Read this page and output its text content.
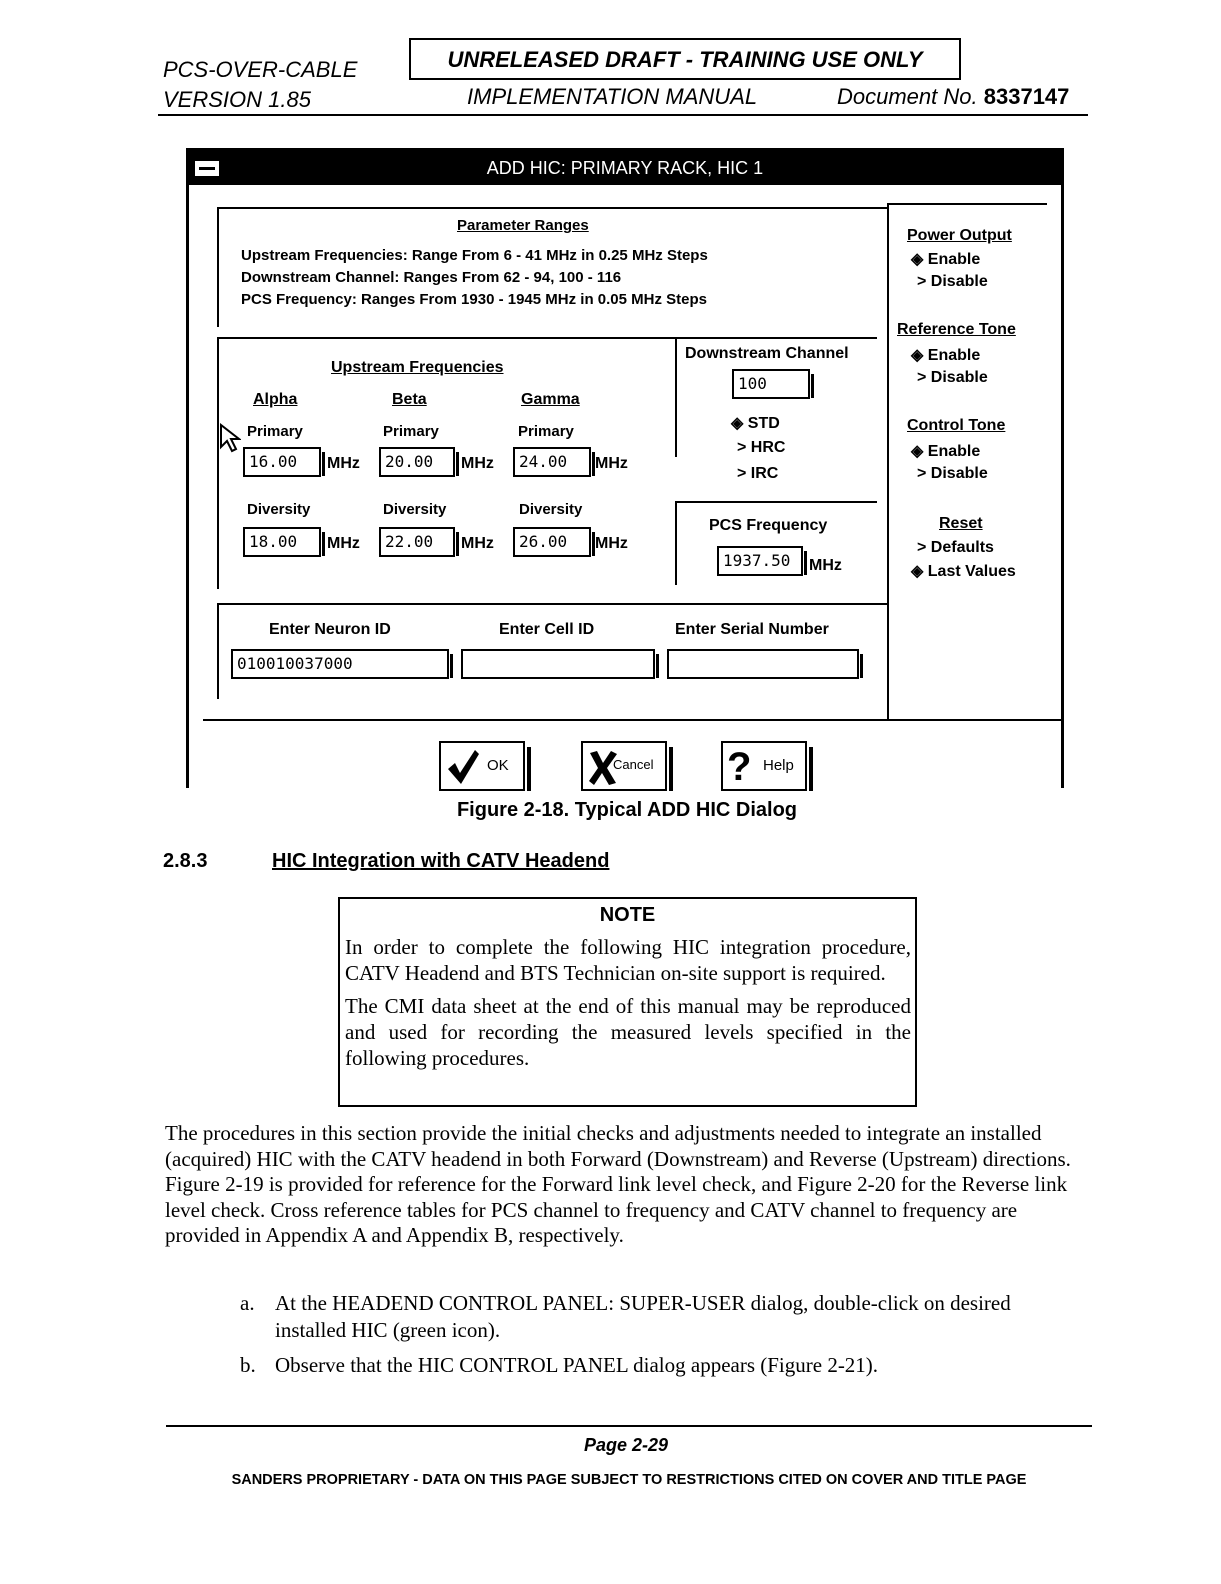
PCS-OVER-CABLE
VERSION 1.85
UNRELEASED DRAFT - TRAINING USE ONLY
IMPLEMENTATION MANUAL	Document No. 8337147
ADD HIC: PRIMARY RACK, HIC 1
Parameter Ranges
Upstream Frequencies: Range From 6 - 41 MHz in 0.25 MHz Steps
Downstream Channel: Ranges From 62 - 94, 100 - 116
PCS Frequency: Ranges From 1930 - 1945 MHz in 0.05 MHz Steps
Upstream Frequencies
Alpha	Beta	Gamma
Primary	Primary	Primary
16.00	MHz	20.00	MHz	24.00	MHz
Diversity	Diversity	Diversity
18.00	MHz	22.00	MHz	26.00	MHz
Downstream Channel
100
◈ STD
> HRC
> IRC
PCS Frequency
1937.50	MHz
Power Output
◈ Enable
> Disable
Reference Tone
◈ Enable
> Disable
Control Tone
◈ Enable
> Disable
Reset
> Defaults
◈ Last Values
Enter Neuron ID	Enter Cell ID	Enter Serial Number
010010037000
OK	Cancel ? Help
Figure 2-18. Typical ADD HIC Dialog
2.8.3	HIC Integration with CATV Headend
NOTE

In order to complete the following HIC integration procedure, CATV Headend and BTS Technician on-site support is required.

The CMI data sheet at the end of this manual may be reproduced and used for recording the measured levels specified in the following procedures.

The procedures in this section provide the initial checks and adjustments needed to integrate an installed (acquired) HIC with the CATV headend in both Forward (Downstream) and Reverse (Upstream) directions. Figure 2-19 is provided for reference for the Forward link level check, and Figure 2-20 for the Reverse link level check. Cross reference tables for PCS channel to frequency and CATV channel to frequency are provided in Appendix A and Appendix B, respectively.
a. At the HEADEND CONTROL PANEL: SUPER-USER dialog, double-click on desired installed HIC (green icon).
b. Observe that the HIC CONTROL PANEL dialog appears (Figure 2-21).
Page 2-29
SANDERS PROPRIETARY - DATA ON THIS PAGE SUBJECT TO RESTRICTIONS CITED ON COVER AND TITLE PAGE
